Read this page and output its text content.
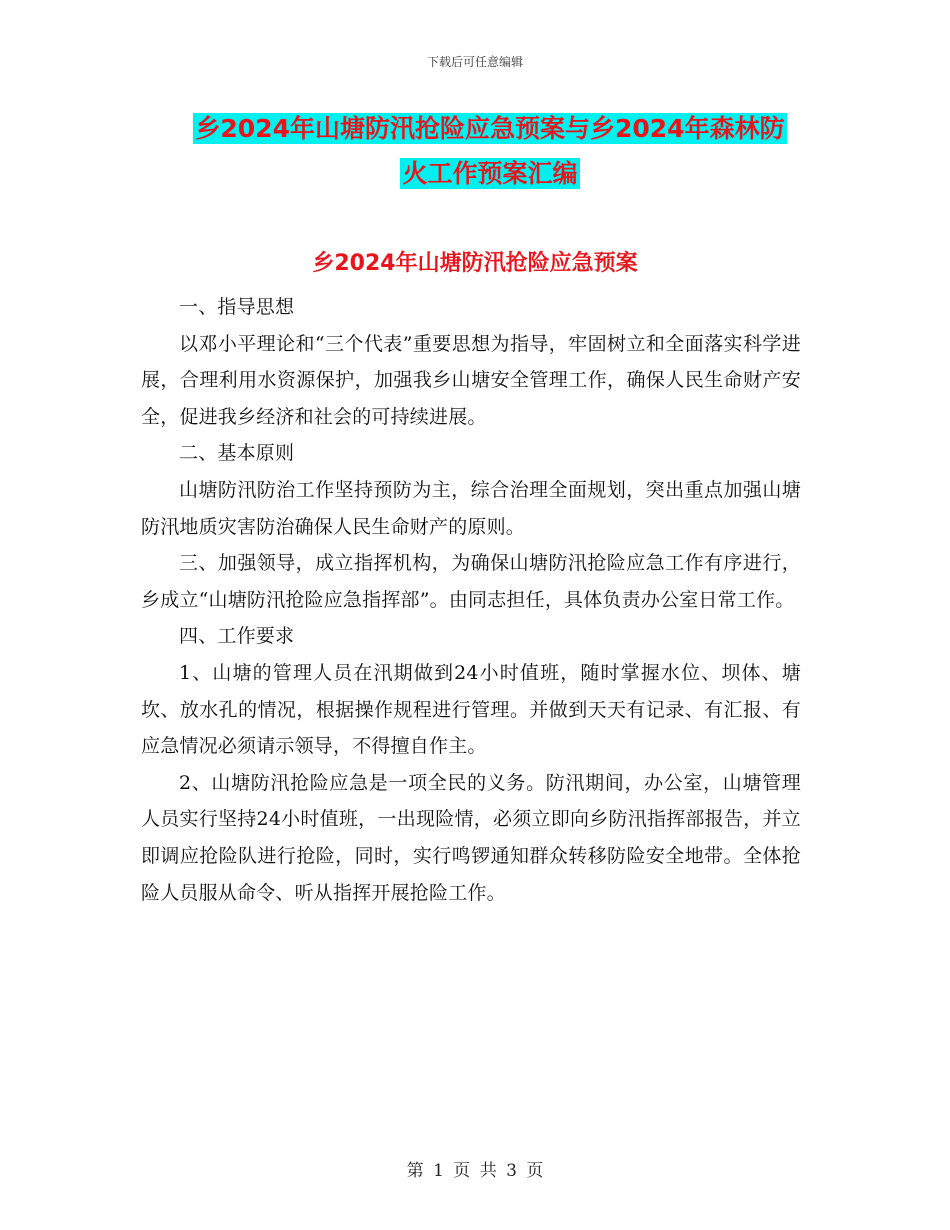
下载后可任意编辑
乡2024年山塘防汛抢险应急预案与乡2024年森林防
火工作预案汇编
乡2024年山塘防汛抢险应急预案

一、指导思想

以邓小平理论和“三个代表”重要思想为指导，牢固树立和全面落实科学进展，合理利用水资源保护，加强我乡山塘安全管理工作，确保人民生命财产安全，促进我乡经济和社会的可持续进展。

二、基本原则

山塘防汛防治工作坚持预防为主，综合治理全面规划，突出重点加强山塘防汛地质灾害防治确保人民生命财产的原则。

三、加强领导，成立指挥机构，为确保山塘防汛抢险应急工作有序进行，乡成立“山塘防汛抢险应急指挥部”。由同志担任，具体负责办公室日常工作。

四、工作要求

1、山塘的管理人员在汛期做到24小时值班，随时掌握水位、坝体、塘坎、放水孔的情况，根据操作规程进行管理。并做到天天有记录、有汇报、有应急情况必须请示领导，不得擅自作主。

2、山塘防汛抢险应急是一项全民的义务。防汛期间，办公室，山塘管理人员实行坚持24小时值班，一出现险情，必须立即向乡防汛指挥部报告，并立即调应抢险队进行抢险，同时，实行鸣锣通知群众转移防险安全地带。全体抢险人员服从命令、听从指挥开展抢险工作。

第 1 页 共 3 页
